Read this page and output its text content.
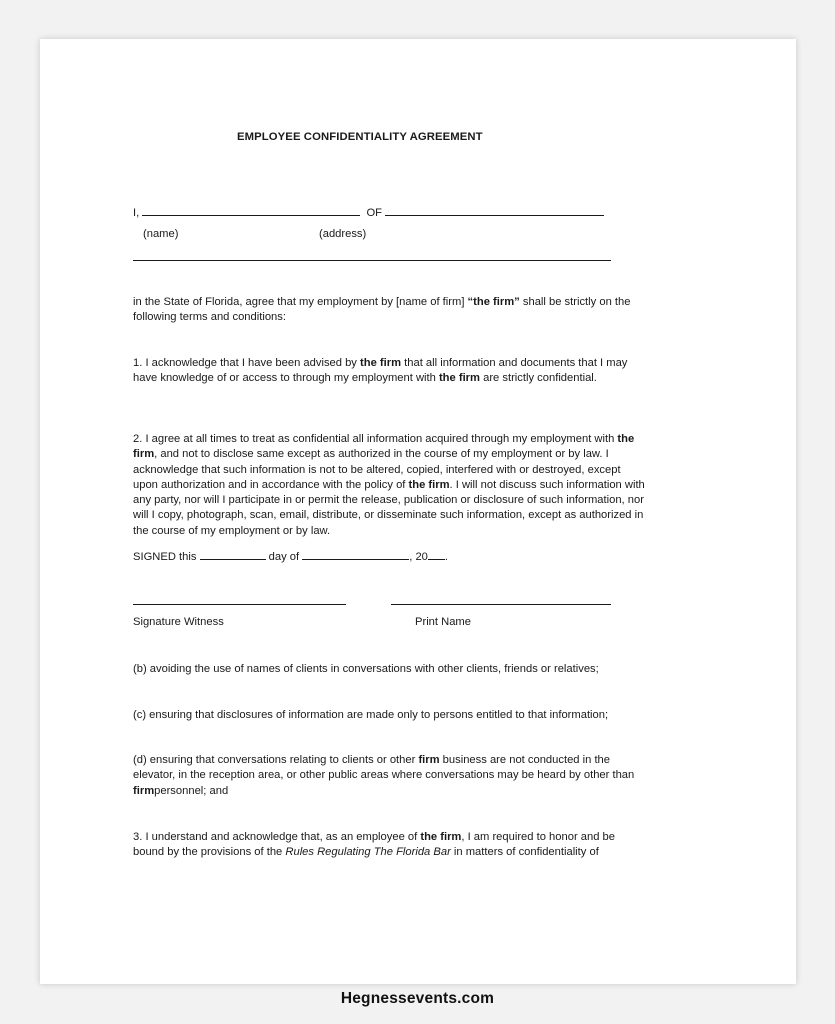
EMPLOYEE CONFIDENTIALITY AGREEMENT
I,	OF
(name)	(address)
in the State of Florida, agree that my employment by [name of firm] “the firm” shall be strictly on the following terms and conditions:
1. I acknowledge that I have been advised by the firm that all information and documents that I may have knowledge of or access to through my employment with the firm are strictly confidential.
2. I agree at all times to treat as confidential all information acquired through my employment with the firm, and not to disclose same except as authorized in the course of my employment or by law. I acknowledge that such information is not to be altered, copied, interfered with or destroyed, except upon authorization and in accordance with the policy of the firm. I will not discuss such information with any party, nor will I participate in or permit the release, publication or disclosure of such information, nor will I copy, photograph, scan, email, distribute, or disseminate such information, except as authorized in the course of my employment or by law.
SIGNED this	day of	, 20 .
Signature Witness	Print Name
(b) avoiding the use of names of clients in conversations with other clients, friends or relatives;
(c) ensuring that disclosures of information are made only to persons entitled to that information;
(d) ensuring that conversations relating to clients or other firm business are not conducted in the elevator, in the reception area, or other public areas where conversations may be heard by other than firmpersonnel; and
3. I understand and acknowledge that, as an employee of the firm, I am required to honor and be bound by the provisions of the Rules Regulating The Florida Bar in matters of confidentiality of
Hegnessevents.com
